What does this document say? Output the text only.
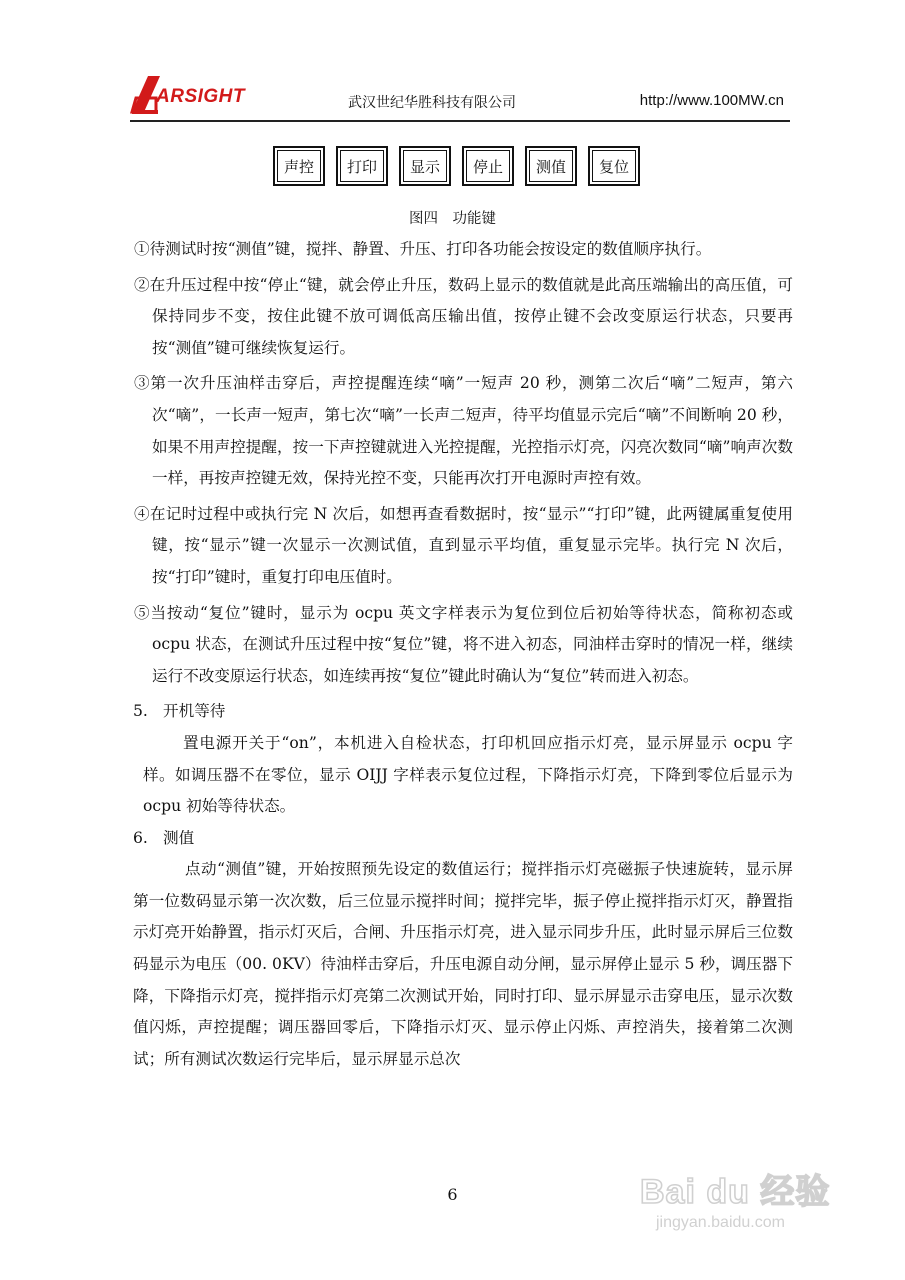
ARSIGHT	武汉世纪华胜科技有限公司	http://www.100MW.cn
声控	打印	显示	停止	测值	复位
图四　功能键
①待测试时按“测值”键，搅拌、静置、升压、打印各功能会按设定的数值顺序执行。
②在升压过程中按“停止“键，就会停止升压，数码上显示的数值就是此高压端输出的高压值，可保持同步不变，按住此键不放可调低高压输出值，按停止键不会改变原运行状态，只要再按“测值”键可继续恢复运行。
③第一次升压油样击穿后，声控提醒连续“嘀”一短声 20 秒，测第二次后“嘀”二短声，第六次“嘀”，一长声一短声，第七次“嘀”一长声二短声，待平均值显示完后“嘀”不间断响 20 秒，如果不用声控提醒，按一下声控键就进入光控提醒，光控指示灯亮，闪亮次数同“嘀”响声次数一样，再按声控键无效，保持光控不变，只能再次打开电源时声控有效。
④在记时过程中或执行完 N 次后，如想再查看数据时，按“显示”“打印”键，此两键属重复使用键，按“显示”键一次显示一次测试值，直到显示平均值，重复显示完毕。执行完 N 次后，按“打印”键时，重复打印电压值时。
⑤当按动“复位”键时，显示为 ocpu 英文字样表示为复位到位后初始等待状态，简称初态或 ocpu 状态，在测试升压过程中按“复位”键，将不进入初态，同油样击穿时的情况一样，继续运行不改变原运行状态，如连续再按“复位”键此时确认为“复位”转而进入初态。
5. 开机等待
置电源开关于“on”，本机进入自检状态，打印机回应指示灯亮，显示屏显示 ocpu 字样。如调压器不在零位，显示 OIJJ 字样表示复位过程，下降指示灯亮，下降到零位后显示为 ocpu 初始等待状态。
6. 测值
点动“测值”键，开始按照预先设定的数值运行；搅拌指示灯亮磁振子快速旋转，显示屏第一位数码显示第一次次数，后三位显示搅拌时间；搅拌完毕，振子停止搅拌指示灯灭，静置指示灯亮开始静置，指示灯灭后，合闸、升压指示灯亮，进入显示同步升压，此时显示屏后三位数码显示为电压（00. 0KV）待油样击穿后，升压电源自动分闸，显示屏停止显示 5 秒，调压器下降，下降指示灯亮，搅拌指示灯亮第二次测试开始，同时打印、显示屏显示击穿电压，显示次数值闪烁，声控提醒；调压器回零后，下降指示灯灭、显示停止闪烁、声控消失，接着第二次测试；所有测试次数运行完毕后，显示屏显示总次
6	Bai du 经验
jingyan.baidu.com
